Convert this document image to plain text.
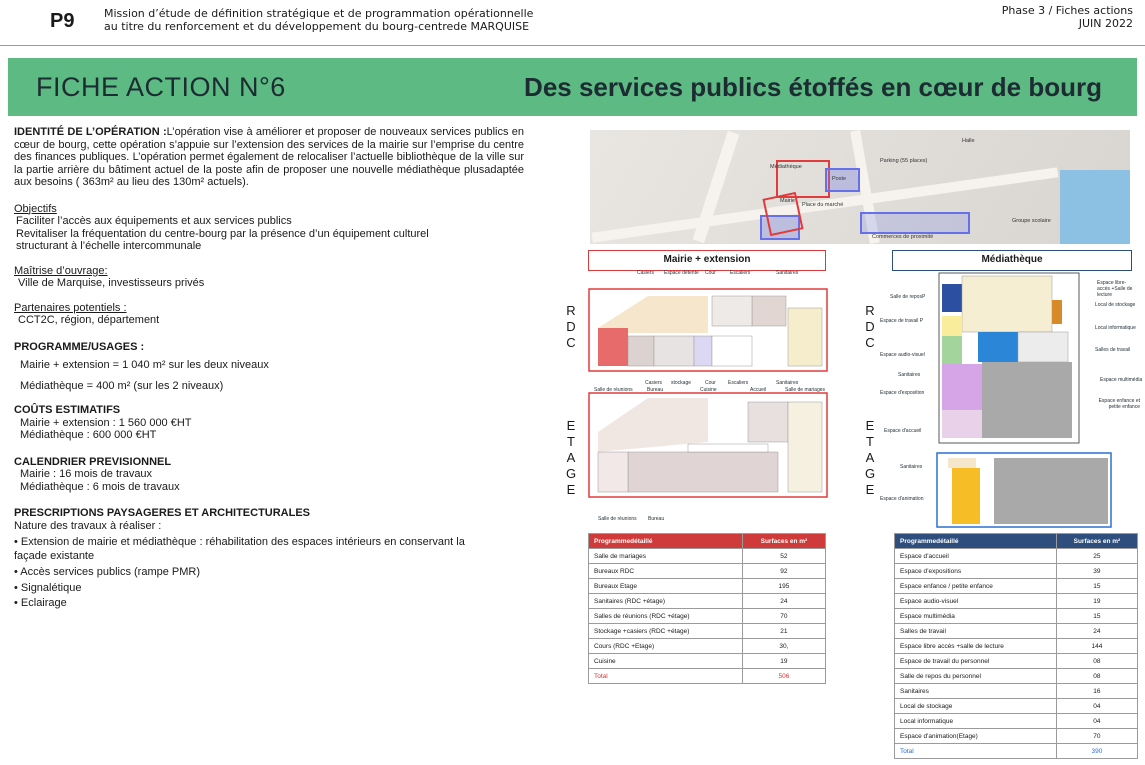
P9	Mission d’étude de définition stratégique et de programmation opérationnelle
au titre du renforcement et du développement du bourg-centrede MARQUISE
Phase 3 / Fiches actions
JUIN 2022
FICHE ACTION N°6	Des services publics étoffés en cœur de bourg
IDENTITÉ DE L’OPÉRATION :L’opération vise à améliorer et proposer de nouveaux services publics en cœur de bourg, cette opération s’appuie sur l’extension des services de la mairie sur l’emprise du centre des finances publiques. L’opération permet également de relocaliser l’actuelle bibliothèque de la ville sur la partie arrière du bâtiment actuel de la poste afin de proposer une nouvelle médiathèque plusadaptée aux besoins ( 363m² au lieu des 130m² actuels).
Objectifs
Faciliter l’accès aux équipements et aux services publics
Revitaliser la fréquentation du centre-bourg par la présence d’un équipement culturel structurant à l’échelle intercommunale
Maîtrise d’ouvrage:
Ville de Marquise, investisseurs privés
Partenaires potentiels :
CCT2C, région, département
PROGRAMME/USAGES :
Mairie + extension = 1 040 m² sur les deux niveaux
Médiathèque = 400 m² (sur les 2 niveaux)
COÛTS ESTIMATIFS
Mairie + extension : 1 560 000 €HT
Médiathèque : 600 000 €HT
CALENDRIER PREVISIONNEL
Mairie : 16 mois de travaux
Médiathèque : 6 mois de travaux
PRESCRIPTIONS PAYSAGERES ET ARCHITECTURALES
Nature des travaux à réaliser :
• Extension de mairie et médiathèque : réhabilitation des espaces intérieurs en conservant la façade existante
• Accès services publics (rampe PMR)
• Signalétique
• Eclairage
Mairie
Poste
Médiathèque
Parking (55 places)
Halle
Groupe scolaire
Place du marché
Commerces de proximité
Mairie + extension
R
D
C
E
T
A
G
E
Casiers Espace détente Cour	Escaliers	Sanitaires
Salle de réunions	Bureau	Cuisine	Accueil	Salle de mariages
Casiers stockage	Cour Escaliers	Sanitaires
Salle de réunions Bureau
Médiathèque
R
D
C
E
T
A
G
E
Salle de reposP
Espace de travail P
Espace audio-visuel
Sanitaires
Espace d'exposition
Espace d'accueil
Espace libre-accès +Salle de lecture
Local de stockage
Local informatique
Salles de travail
Espace multimédia
Espace enfance et petite enfance
Sanitaires
Espace d'animation
Programmedétaillé	Surfaces en m²
Salle de mariages	52
Bureaux RDC	92
Bureaux Etage	195
Sanitaires (RDC +étage)	24
Salles de réunions (RDC +étage)	70
Stockage +casiers (RDC +étage)	21
Cours (RDC +Etage)	30,
Cuisine	19
Total	506
Programmedétaillé	Surfaces en m²
Espace d’accueil	25
Espace d’expositions	39
Espace enfance / petite enfance	15
Espace audio-visuel	19
Espace multimédia	15
Salles de travail	24
Espace libre accès +salle de lecture	144
Espace de travail du personnel	08
Salle de repos du personnel	08
Sanitaires	16
Local de stockage	04
Local informatique	04
Espace d'animation(Etage)	70
Total	390
